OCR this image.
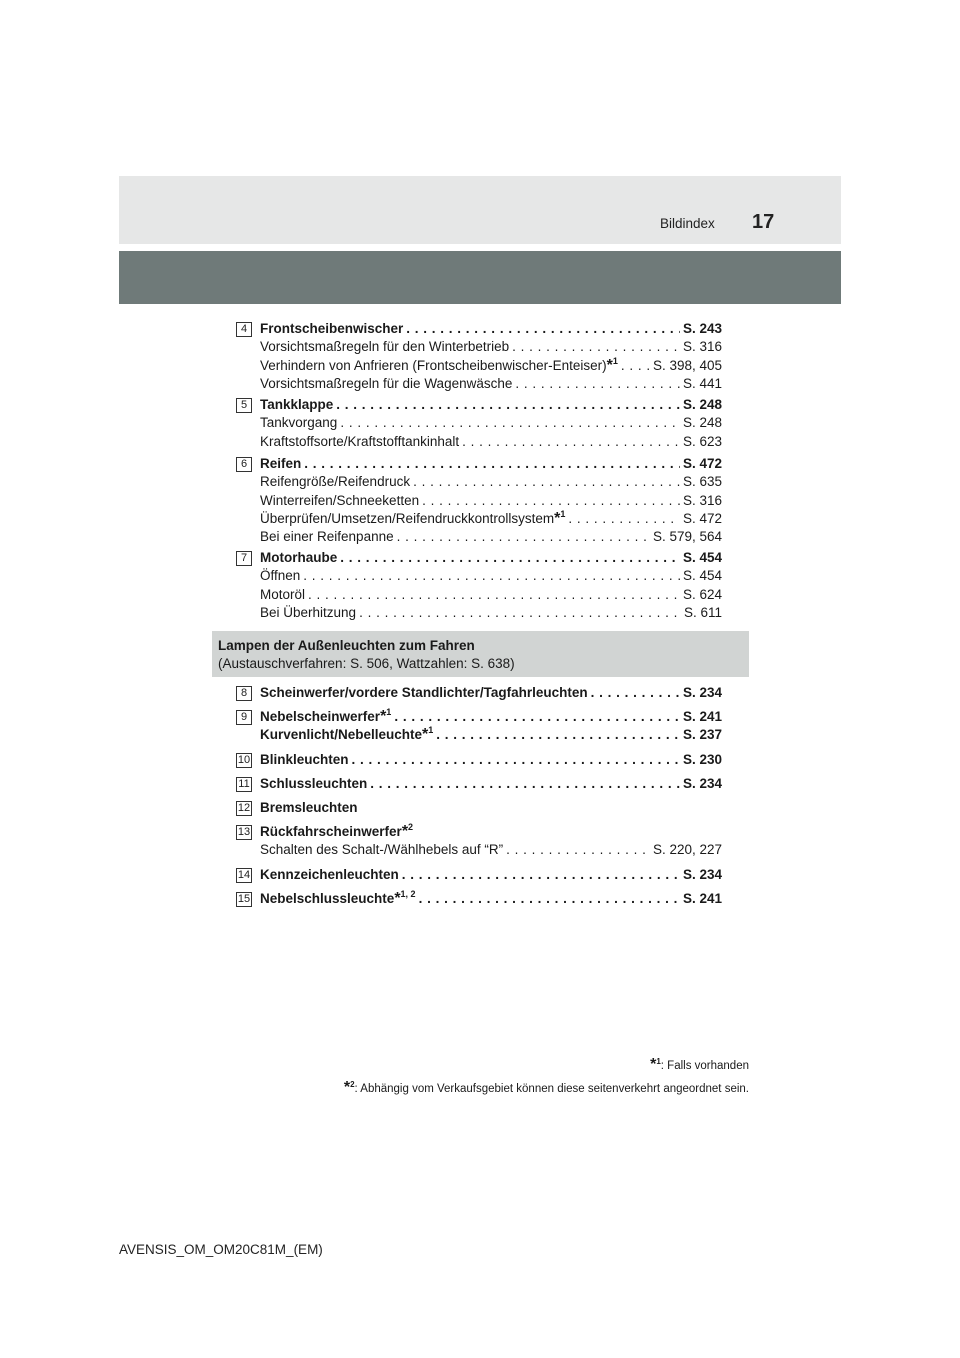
Bildindex 17
4 Frontscheibenwischer . . .	S. 243
Vorsichtsmaßregeln für den Winterbetrieb . . .	S. 316
Verhindern von Anfrieren (Frontscheibenwischer-Enteiser)*$^1$ . . .	S. 398, 405
Vorsichtsmaßregeln für die Wagenwäsche . . .	S. 441
5 Tankklappe . . .	S. 248
Tankvorgang . . .	S. 248
Kraftstoffsorte/Kraftstofftankinhalt . . .	S. 623
6 Reifen . . .	S. 472
Reifengröße/Reifendruck . . .	S. 635
Winterreifen/Schneeketten . . .	S. 316
Überprüfen/Umsetzen/Reifendruckkontrollsystem*$^1$ . . .	S. 472
Bei einer Reifenpanne . . .	S. 579, 564
7 Motorhaube . . .	S. 454
Öffnen . . .	S. 454
Motoröl . . .	S. 624
Bei Überhitzung . . .	S. 611
8 Scheinwerfer/vordere Standlichter/Tagfahrleuchten . . .	S. 234
9 Nebelscheinwerfer*$^1$ . . .	S. 241
Kurvenlicht/Nebelleuchte*$^1$ . . .	S. 237
10 Blinkleuchten . . .	S. 230
11 Schlussleuchten . . .	S. 234
12 Bremsleuchten
13 Rückfahrscheinwerfer*$^2$
Schalten des Schalt-/Wählhebels auf “R” . . .	S. 220, 227
14 Kennzeichenleuchten . . .	S. 234
15 Nebelschlussleuchte*$^{1, 2}$ . . .	S. 241
Lampen der Außenleuchten zum Fahren
(Austauschverfahren: S. 506, Wattzahlen: S. 638)
*$^1$: Falls vorhanden
*$^2$: Abhängig vom Verkaufsgebiet können diese seitenverkehrt angeordnet sein.
AVENSIS_OM_OM20C81M_(EM)
